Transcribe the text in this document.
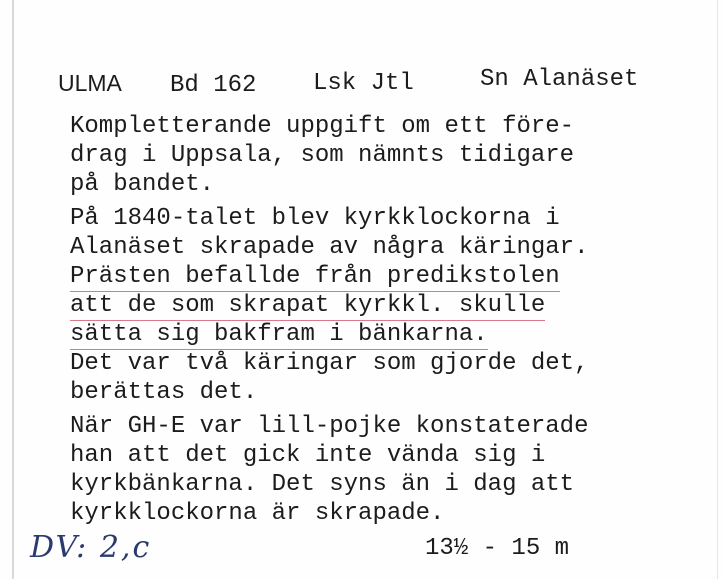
ULMA Bd 162 Lsk Jtl	Sn Alanäset
Kompletterande uppgift om ett före-
drag i Uppsala, som nämnts tidigare
på bandet.
På 1840-talet blev kyrkklockorna i
Alanäset skrapade av några käringar.
Prästen befallde från predikstolen
att de som skrapat kyrkkl. skulle
sätta sig bakfram i bänkarna.
Det var två käringar som gjorde det,
berättas det.
När GH-E var lill-pojke konstaterade
han att det gick inte vända sig i
kyrkbänkarna. Det syns än i dag att
kyrkklockorna är skrapade.
DV: 2,c	13½ - 15 m
